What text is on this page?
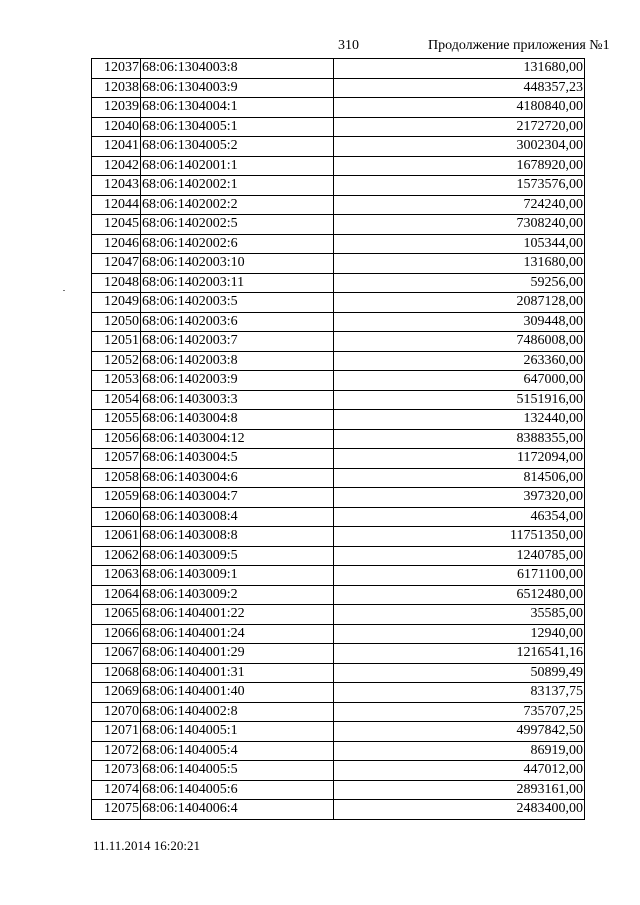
310	Продолжение приложения №1
12037	68:06:1304003:8	131680,00
12038	68:06:1304003:9	448357,23
12039	68:06:1304004:1	4180840,00
12040	68:06:1304005:1	2172720,00
12041	68:06:1304005:2	3002304,00
12042	68:06:1402001:1	1678920,00
12043	68:06:1402002:1	1573576,00
12044	68:06:1402002:2	724240,00
12045	68:06:1402002:5	7308240,00
12046	68:06:1402002:6	105344,00
12047	68:06:1402003:10	131680,00
12048	68:06:1402003:11	59256,00
12049	68:06:1402003:5	2087128,00
12050	68:06:1402003:6	309448,00
12051	68:06:1402003:7	7486008,00
12052	68:06:1402003:8	263360,00
12053	68:06:1402003:9	647000,00
12054	68:06:1403003:3	5151916,00
12055	68:06:1403004:8	132440,00
12056	68:06:1403004:12	8388355,00
12057	68:06:1403004:5	1172094,00
12058	68:06:1403004:6	814506,00
12059	68:06:1403004:7	397320,00
12060	68:06:1403008:4	46354,00
12061	68:06:1403008:8	11751350,00
12062	68:06:1403009:5	1240785,00
12063	68:06:1403009:1	6171100,00
12064	68:06:1403009:2	6512480,00
12065	68:06:1404001:22	35585,00
12066	68:06:1404001:24	12940,00
12067	68:06:1404001:29	1216541,16
12068	68:06:1404001:31	50899,49
12069	68:06:1404001:40	83137,75
12070	68:06:1404002:8	735707,25
12071	68:06:1404005:1	4997842,50
12072	68:06:1404005:4	86919,00
12073	68:06:1404005:5	447012,00
12074	68:06:1404005:6	2893161,00
12075	68:06:1404006:4	2483400,00
11.11.2014 16:20:21
